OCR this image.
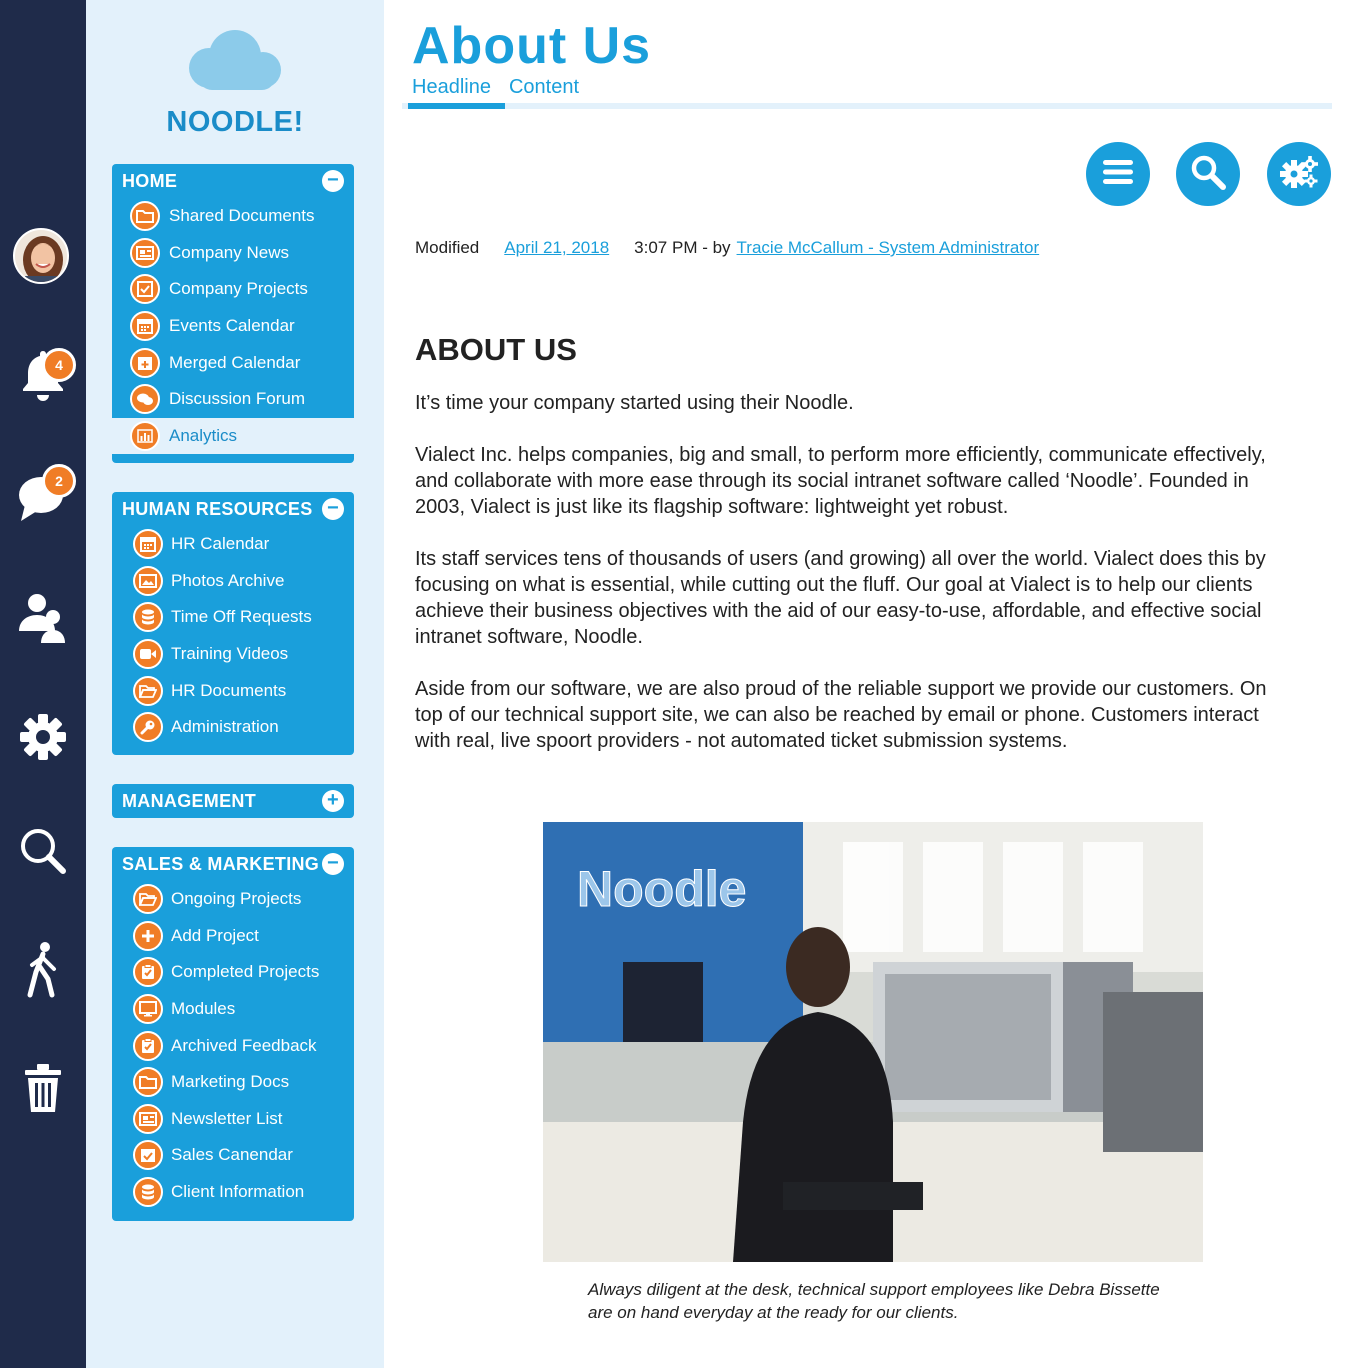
4
2
NOODLE!
HOME	−
Shared Documents
Company News
Company Projects
Events Calendar
Merged Calendar
Discussion Forum
Analytics
HUMAN RESOURCES −
HR Calendar
Photos Archive
Time Off Requests
Training Videos
HR Documents
Administration
MANAGEMENT	+
SALES & MARKETING −
Ongoing Projects
Add Project
Completed Projects
Modules
Archived Feedback
Marketing Docs
Newsletter List
Sales Canendar
Client Information
About Us
Headline Content
Modified April 21, 2018 3:07 PM - by Tracie McCallum - System Administrator
ABOUT US

It’s time your company started using their Noodle.

Vialect Inc. helps companies, big and small, to perform more efficiently, communicate effectively, and collaborate with more ease through its social intranet software called ‘Noodle’. Founded in 2003, Vialect is just like its flagship software: lightweight yet robust.

Its staff services tens of thousands of users (and growing) all over the world. Vialect does this by focusing on what is essential, while cutting out the fluff. Our goal at Vialect is to help our clients achieve their business objectives with the aid of our easy-to-use, affordable, and effective social intranet software, Noodle.

Aside from our software, we are also proud of the reliable support we provide our customers. On top of our technical support site, we can also be reached by email or phone. Customers interact with real, live spoort providers - not automated ticket submission systems.

Noodle
Always diligent at the desk, technical support employees like Debra Bissette are on hand everyday at the ready for our clients.
